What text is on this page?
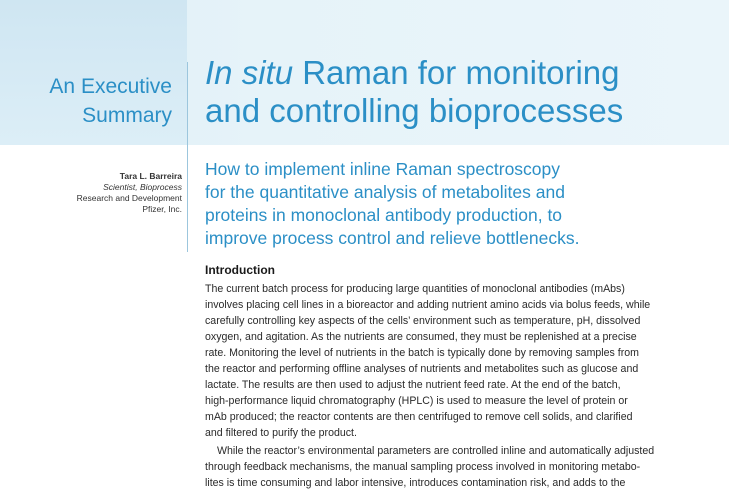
An Executive
Summary
In situ Raman for monitoring
and controlling bioprocesses
Tara L. Barreira
Scientist, Bioprocess
Research and Development
Pfizer, Inc.
How to implement inline Raman spectroscopy
for the quantitative analysis of metabolites and
proteins in monoclonal antibody production, to
improve process control and relieve bottlenecks.
Introduction

The current batch process for producing large quantities of monoclonal antibodies (mAbs)
involves placing cell lines in a bioreactor and adding nutrient amino acids via bolus feeds, while
carefully controlling key aspects of the cells’ environment such as temperature, pH, dissolved
oxygen, and agitation. As the nutrients are consumed, they must be replenished at a precise
rate. Monitoring the level of nutrients in the batch is typically done by removing samples from
the reactor and performing offline analyses of nutrients and metabolites such as glucose and
lactate. The results are then used to adjust the nutrient feed rate. At the end of the batch,
high-performance liquid chromatography (HPLC) is used to measure the level of protein or
mAb produced; the reactor contents are then centrifuged to remove cell solids, and clarified
and filtered to purify the product.

While the reactor’s environmental parameters are controlled inline and automatically adjusted
through feedback mechanisms, the manual sampling process involved in monitoring metabo-
lites is time consuming and labor intensive, introduces contamination risk, and adds to the
